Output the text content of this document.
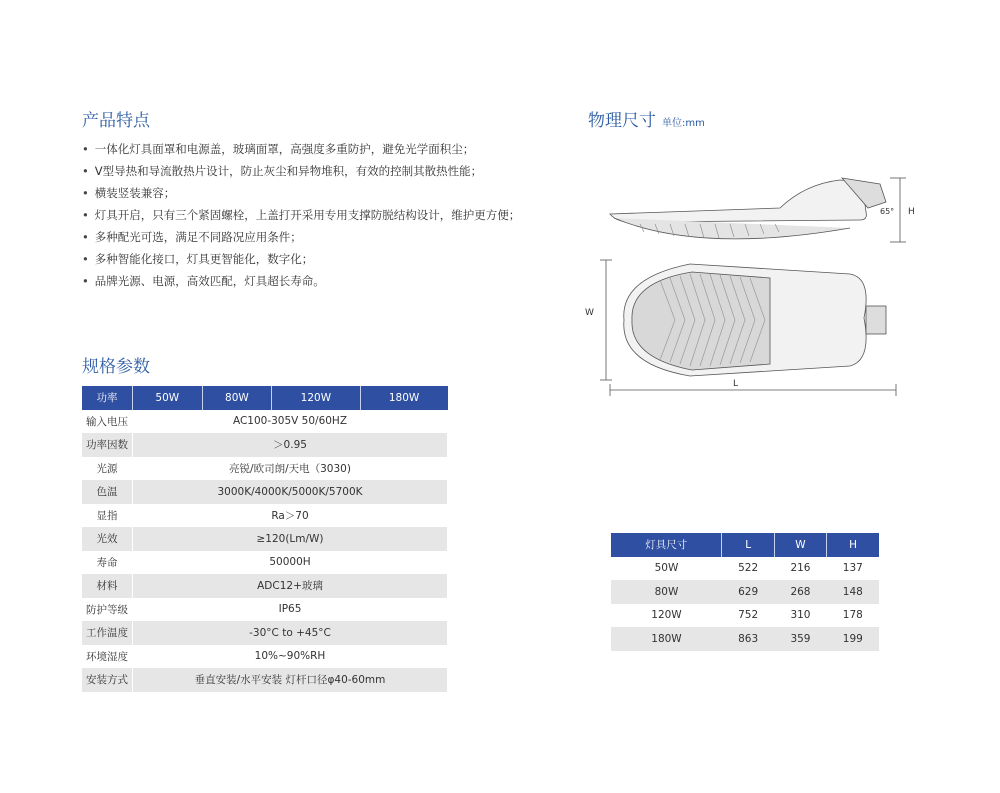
产品特点
• 一体化灯具面罩和电源盖，玻璃面罩，高强度多重防护，避免光学面积尘；
• V型导热和导流散热片设计，防止灰尘和异物堆积，有效的控制其散热性能；
• 横装竖装兼容；
• 灯具开启，只有三个紧固螺栓，上盖打开采用专用支撑防脱结构设计，维护更方便；
• 多种配光可选，满足不同路况应用条件；
• 多种智能化接口，灯具更智能化，数字化；
• 品牌光源、电源，高效匹配，灯具超长寿命。
规格参数
功率	50W	80W	120W	180W
输入电压	AC100-305V 50/60HZ			
功率因数	＞0.95			
光源	亮锐/欧司朗/天电（3030)			
色温	3000K/4000K/5000K/5700K			
显指	Ra＞70			
光效	≥120(Lm/W)			
寿命	50000H			
材料	ADC12+玻璃			
防护等级	IP65			
工作温度	-30°C to +45°C			
环境湿度	10%~90%RH			
安装方式	垂直安装/水平安装 灯杆口径φ40-60mm			
物理尺寸 单位:mm
H
W
L
65°
灯具尺寸	L	W	H
50W	522	216	137
80W	629	268	148
120W	752	310	178
180W	863	359	199
